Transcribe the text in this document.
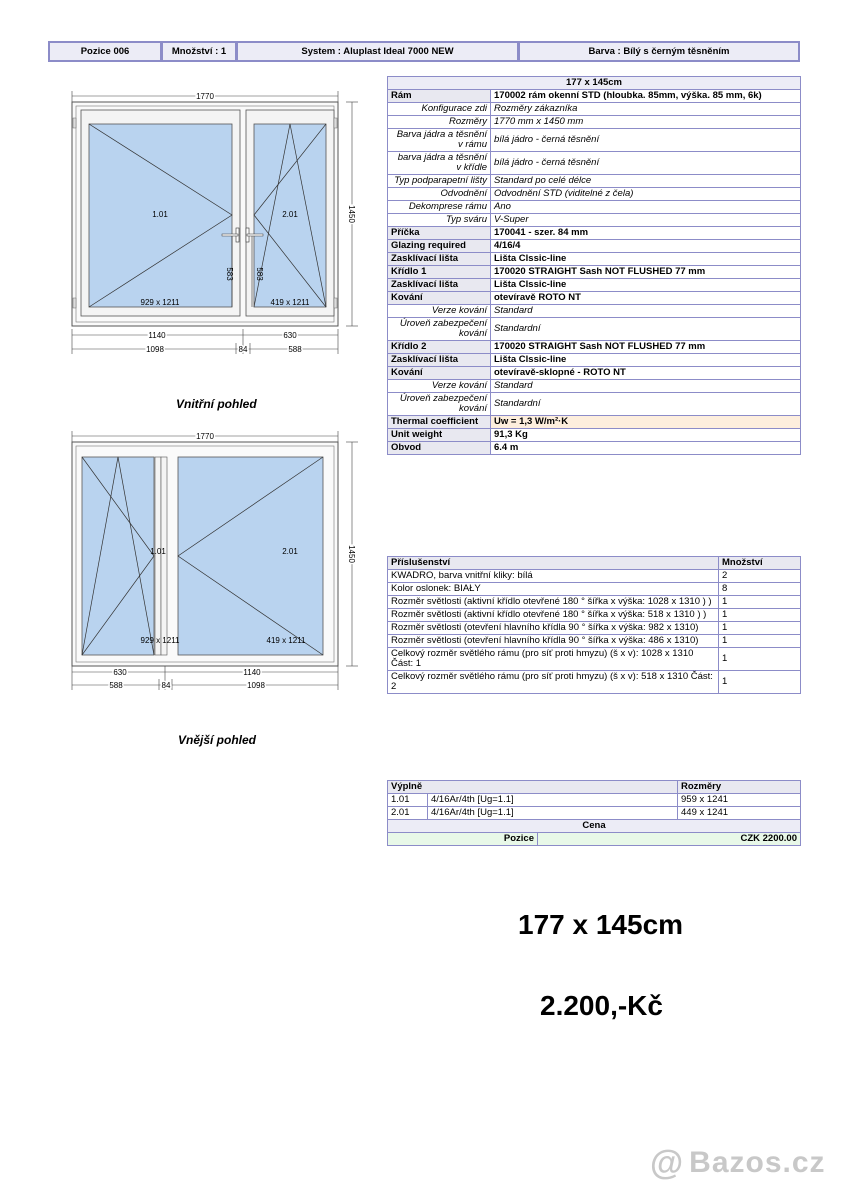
Pozice 006	Množství : 1	System : Aluplast Ideal 7000 NEW	Barva : Bílý s černým těsněním
1770
1450
583	583
1.01	2.01
929 x 1211	419 x 1211
1140	630
1098	84	588
Vnitřní pohled
1770
1450
1.01	2.01
929 x 1211	419 x 1211
630	1140
588	84	1098
Vnější pohled
177 x 145cm	
Rám	170002 rám okenní STD (hloubka. 85mm, výška. 85 mm, 6k)
Konfigurace zdi	Rozměry zákazníka
Rozměry	1770 mm x 1450 mm
Barva jádra a těsnění v rámu	bílá jádro - černá těsnění
barva jádra a těsnění v křídle	bílá jádro - černá těsnění
Typ podparapetní lišty	Standard po celé délce
Odvodnění	Odvodnění STD (viditelné z čela)
Dekomprese rámu	Ano
Typ sváru	V-Super
Příčka	170041 - szer. 84 mm
Glazing required	4/16/4
Zasklívací lišta	Lišta Clssic-line
Křídlo 1	170020 STRAIGHT Sash NOT FLUSHED 77 mm
Zasklívací lišta	Lišta Clssic-line
Kování	otevíravě ROTO NT
Verze kování	Standard
Úroveň zabezpečení kování	Standardní
Křídlo 2	170020 STRAIGHT Sash NOT FLUSHED 77 mm
Zasklívací lišta	Lišta Clssic-line
Kování	otevíravě-sklopné - ROTO NT
Verze kování	Standard
Úroveň zabezpečení kování	Standardní
Thermal coefficient	Uw = 1,3 W/m²·K
Unit weight	91,3 Kg
Obvod	6.4 m
Příslušenství	Množství
KWADRO, barva vnitřní kliky: bílá	2
Kolor oslonek: BIAŁY	8
Rozměr světlosti (aktivní křídlo otevřené 180 ° šířka x výška: 1028 x 1310 ) )	1
Rozměr světlosti (aktivní křídlo otevřené 180 ° šířka x výška: 518 x 1310 ) )	1
Rozměr světlosti (otevření hlavního křídla 90 ° šířka x výška: 982 x 1310)	1
Rozměr světlosti (otevření hlavního křídla 90 ° šířka x výška: 486 x 1310)	1
Celkový rozměr světlého rámu (pro síť proti hmyzu) (š x v): 1028 x 1310 Část: 1	1
Celkový rozměr světlého rámu (pro síť proti hmyzu) (š x v): 518 x 1310 Část: 2	1
Výplně			Rozměry
1.01	4/16Ar/4th [Ug=1.1]		959 x 1241
2.01	4/16Ar/4th [Ug=1.1]		449 x 1241
Cena			
Pozice		CZK 2200.00	
177 x 145cm
2.200,-Kč
@ Bazos.cz
